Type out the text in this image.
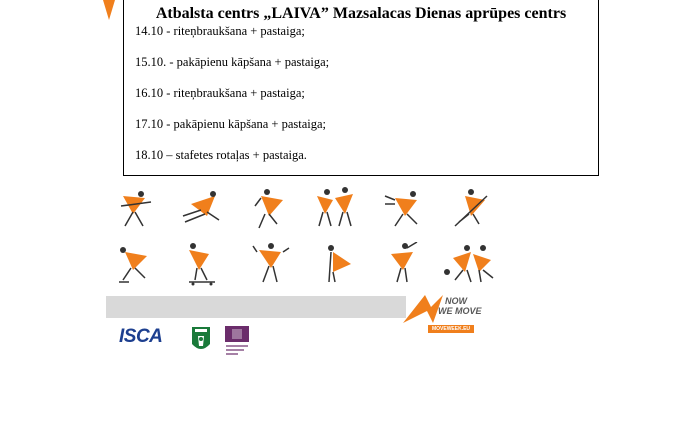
Atbalsta centrs „LAIVA” Mazsalacas Dienas aprūpes centrs
14.10 - riteņbraukšana + pastaiga;
15.10. - pakāpienu kāpšana + pastaiga;
16.10 - riteņbraukšana + pastaiga;
17.10 - pakāpienu kāpšana + pastaiga;
18.10 – stafetes rotaļas + pastaiga.
NOW
WE MOVE
MOVEWEEK.EU
ISCA
